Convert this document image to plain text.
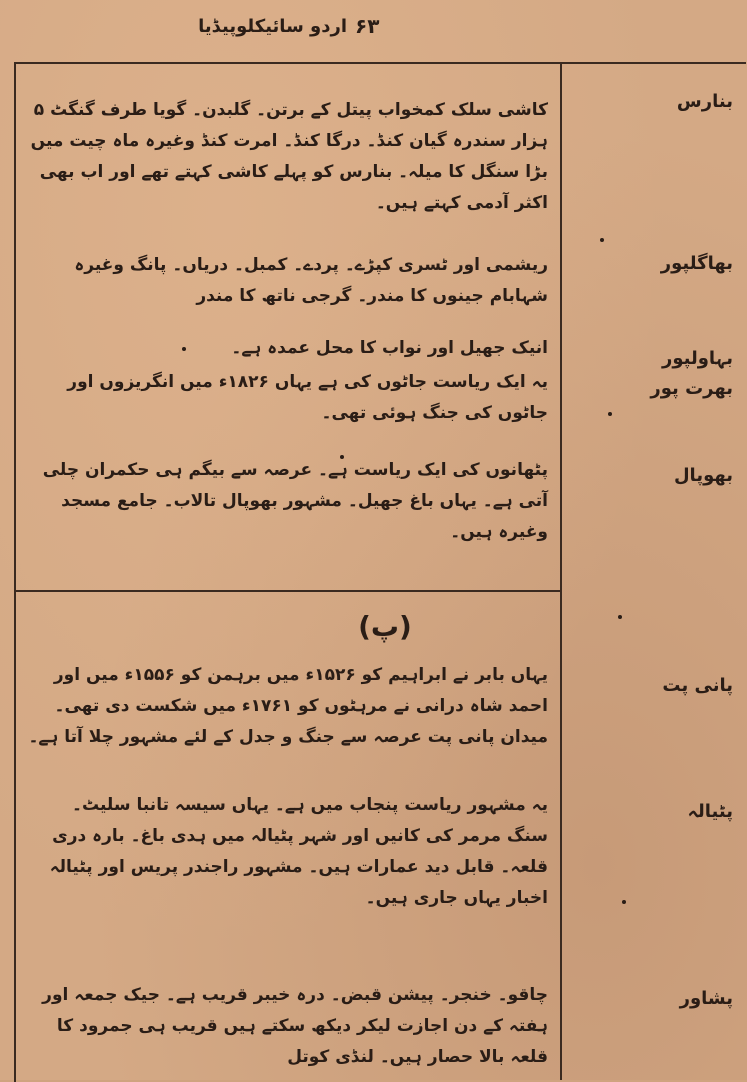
اردو سائیکلوپیڈیا ۶۳
کاشی سلک کمخواب پیتل کے برتن۔ گلبدن۔ گویا طرف گنگٹ ۵ ہزار سندرہ گیان کنڈ۔ درگا کنڈ۔ امرت کنڈ وغیرہ ماہ چیت میں بڑا سنگل کا میلہ۔ بنارس کو پہلے کاشی کہتے تھے اور اب بھی اکثر آدمی کہتے ہیں۔
ریشمی اور ٹسری کپڑے۔ پردے۔ کمبل۔ دریاں۔ پانگ وغیرہ شہابام جینوں کا مندر۔ گرجی ناتھ کا مندر
انیک جھیل اور نواب کا محل عمدہ ہے۔
یہ ایک ریاست جاٹوں کی ہے یہاں ۱۸۲۶ء میں انگریزوں اور جاٹوں کی جنگ ہوئی تھی۔
پٹھانوں کی ایک ریاست ہے۔ عرصہ سے بیگم ہی حکمران چلی آتی ہے۔ یہاں باغ جھیل۔ مشہور بھوپال تالاب۔ جامع مسجد وغیرہ ہیں۔
یہاں بابر نے ابراہیم کو ۱۵۲۶ء میں برہمن کو ۱۵۵۶ء میں اور احمد شاہ درانی نے مرہٹوں کو ۱۷۶۱ء میں شکست دی تھی۔ میدان پانی پت عرصہ سے جنگ و جدل کے لئے مشہور چلا آتا ہے۔
یہ مشہور ریاست پنجاب میں ہے۔ یہاں سیسہ تانبا سلیٹ۔ سنگ مرمر کی کانیں اور شہر پٹیالہ میں ہدی باغ۔ بارہ دری قلعہ۔ قابل دید عمارات ہیں۔ مشہور راجندر پریس اور پٹیالہ اخبار یہاں جاری ہیں۔
چاقو۔ خنجر۔ پیشن قبض۔ درہ خیبر قریب ہے۔ جیک جمعہ اور ہفتہ کے دن اجازت لیکر دیکھ سکتے ہیں قریب ہی جمرود کا قلعہ بالا حصار ہیں۔ لنڈی کوتل
(پ)
بنارس
بھاگلپور
بہاولپور
بھرت پور
بھوپال
پانی پت
پٹیالہ
پشاور
